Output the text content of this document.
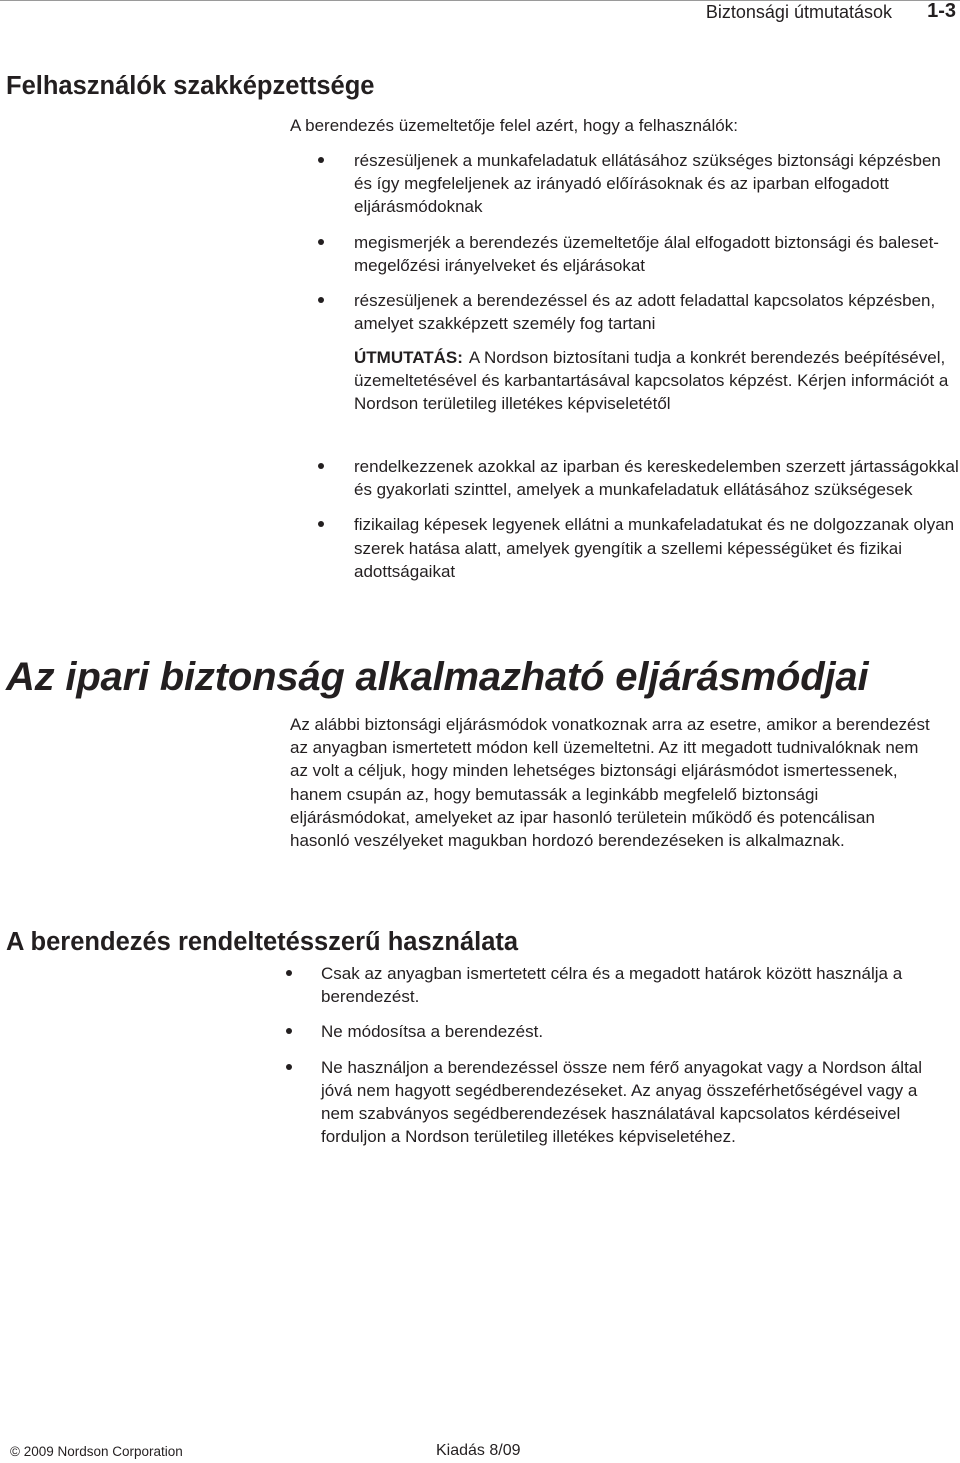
Biztonsági útmutatások 1-3
Felhasználók szakképzettsége
A berendezés üzemeltetője felel azért, hogy a felhasználók:
részesüljenek a munkafeladatuk ellátásához szükséges biztonsági képzésben és így megfeleljenek az irányadó előírásoknak és az iparban elfogadott eljárásmódoknak
megismerjék a berendezés üzemeltetője álal elfogadott biztonsági és baleset-megelőzési irányelveket és eljárásokat
részesüljenek a berendezéssel és az adott feladattal kapcsolatos képzésben, amelyet szakképzett személy fog tartani
ÚTMUTATÁS: A Nordson biztosítani tudja a konkrét berendezés beépítésével, üzemeltetésével és karbantartásával kapcsolatos képzést. Kérjen információt a Nordson területileg illetékes képviseletétől
rendelkezzenek azokkal az iparban és kereskedelemben szerzett jártasságokkal és gyakorlati szinttel, amelyek a munkafeladatuk ellátásához szükségesek
fizikailag képesek legyenek ellátni a munkafeladatukat és ne dolgozzanak olyan szerek hatása alatt, amelyek gyengítik a szellemi képességüket és fizikai adottságaikat
Az ipari biztonság alkalmazható eljárásmódjai
Az alábbi biztonsági eljárásmódok vonatkoznak arra az esetre, amikor a berendezést az anyagban ismertetett módon kell üzemeltetni. Az itt megadott tudnivalóknak nem az volt a céljuk, hogy minden lehetséges biztonsági eljárásmódot ismertessenek, hanem csupán az, hogy bemutassák a leginkább megfelelő biztonsági eljárásmódokat, amelyeket az ipar hasonló területein működő és potencálisan hasonló veszélyeket magukban hordozó berendezéseken is alkalmaznak.
A berendezés rendeltetésszerű használata
Csak az anyagban ismertetett célra és a megadott határok között használja a berendezést.
Ne módosítsa a berendezést.
Ne használjon a berendezéssel össze nem férő anyagokat vagy a Nordson által jóvá nem hagyott segédberendezéseket. Az anyag összeférhetőségével vagy a nem szabványos segédberendezések használatával kapcsolatos kérdéseivel forduljon a Nordson területileg illetékes képviseletéhez.
© 2009 Nordson Corporation	Kiadás 8/09
